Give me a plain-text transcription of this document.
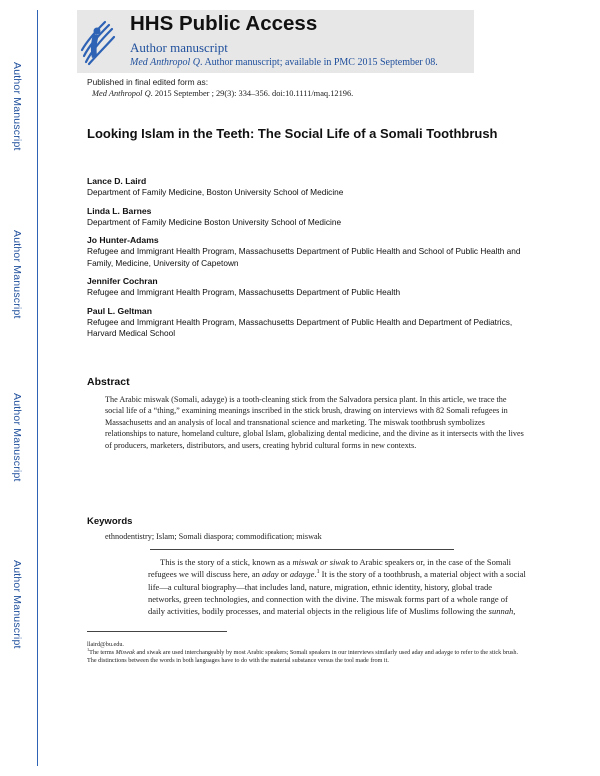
Author Manuscript
Author Manuscript
Author Manuscript
Author Manuscript
HHS Public Access
Author manuscript
Med Anthropol Q. Author manuscript; available in PMC 2015 September 08.
Published in final edited form as:
Med Anthropol Q. 2015 September ; 29(3): 334–356. doi:10.1111/maq.12196.
Looking Islam in the Teeth: The Social Life of a Somali Toothbrush
Lance D. Laird
Department of Family Medicine, Boston University School of Medicine
Linda L. Barnes
Department of Family Medicine Boston University School of Medicine
Jo Hunter-Adams
Refugee and Immigrant Health Program, Massachusetts Department of Public Health and School of Public Health and Family, Medicine, University of Capetown
Jennifer Cochran
Refugee and Immigrant Health Program, Massachusetts Department of Public Health
Paul L. Geltman
Refugee and Immigrant Health Program, Massachusetts Department of Public Health and Department of Pediatrics, Harvard Medical School
Abstract
The Arabic miswak (Somali, adayge) is a tooth-cleaning stick from the Salvadora persica plant. In this article, we trace the social life of a “thing,” examining meanings inscribed in the stick brush, drawing on interviews with 82 Somali refugees in Massachusetts and an analysis of local and transnational science and marketing. The miswak toothbrush symbolizes relationships to nature, homeland culture, global Islam, globalizing dental medicine, and the divine as it intersects with the lives of producers, marketers, distributors, and users, creating hybrid cultural forms in new contexts.
Keywords
ethnodentistry; Islam; Somali diaspora; commodification; miswak
This is the story of a stick, known as a miswak or siwak to Arabic speakers or, in the case of the Somali refugees we will discuss here, an aday or adayge.$^1$ It is the story of a toothbrush, a material object with a social life—a cultural biography—that includes land, nature, migration, ethnic identity, history, global trade networks, green technologies, and connection with the divine. The miswak forms part of a whole range of daily activities, bodily processes, and material objects in the religious life of Muslims following the sunnah,
llaird@bu.edu.
$^1$The terms Miswak and siwak are used interchangeably by most Arabic speakers; Somali speakers in our interviews similarly used aday and adayge to refer to the stick brush. The distinctions between the words in both languages have to do with the material substance versus the tool made from it.
